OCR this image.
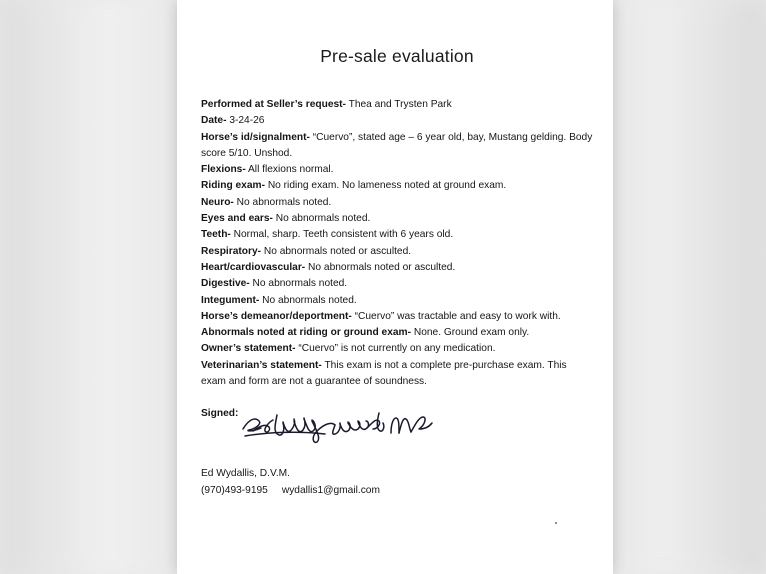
Pre-sale evaluation

Performed at Seller’s request- Thea and Trysten Park

Date- 3-24-26

Horse’s id/signalment- “Cuervo”, stated age – 6 year old, bay, Mustang gelding. Body score 5/10. Unshod.

Flexions- All flexions normal.

Riding exam- No riding exam. No lameness noted at ground exam.

Neuro- No abnormals noted.

Eyes and ears- No abnormals noted.

Teeth- Normal, sharp. Teeth consistent with 6 years old.

Respiratory- No abnormals noted or asculted.

Heart/cardiovascular- No abnormals noted or asculted.

Digestive- No abnormals noted.

Integument- No abnormals noted.

Horse’s demeanor/deportment- “Cuervo” was tractable and easy to work with.

Abnormals noted at riding or ground exam- None. Ground exam only.

Owner’s statement- “Cuervo” is not currently on any medication.

Veterinarian’s statement- This exam is not a complete pre-purchase exam. This exam and form are not a guarantee of soundness.

Signed:
Ed Wydallis, D.V.M.
(970)493-9195 wydallis1@gmail.com
